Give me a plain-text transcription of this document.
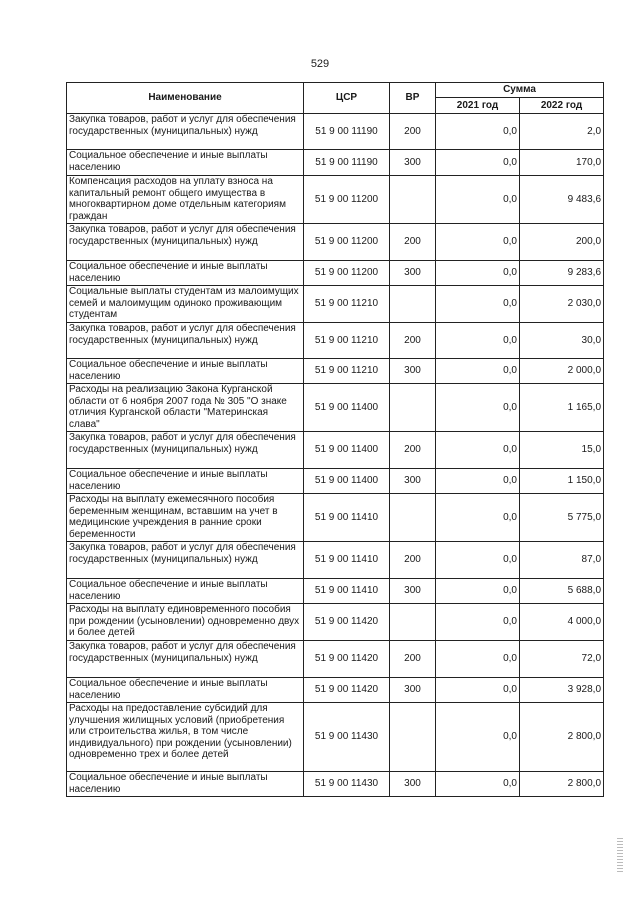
529
Наименование	ЦСР	ВР	Сумма	
			2021 год	2022 год
Закупка товаров, работ и услуг для обеспечения государственных (муниципальных) нужд	51 9 00 11190	200	0,0	2,0
Социальное обеспечение и иные выплаты населению	51 9 00 11190	300	0,0	170,0
Компенсация расходов на уплату взноса на капитальный ремонт общего имущества в многоквартирном доме отдельным категориям граждан	51 9 00 11200		0,0	9 483,6
Закупка товаров, работ и услуг для обеспечения государственных (муниципальных) нужд	51 9 00 11200	200	0,0	200,0
Социальное обеспечение и иные выплаты населению	51 9 00 11200	300	0,0	9 283,6
Социальные выплаты студентам из малоимущих семей и малоимущим одиноко проживающим студентам	51 9 00 11210		0,0	2 030,0
Закупка товаров, работ и услуг для обеспечения государственных (муниципальных) нужд	51 9 00 11210	200	0,0	30,0
Социальное обеспечение и иные выплаты населению	51 9 00 11210	300	0,0	2 000,0
Расходы на реализацию Закона Курганской области от 6 ноября 2007 года № 305 "О знаке отличия Курганской области "Материнская слава"	51 9 00 11400		0,0	1 165,0
Закупка товаров, работ и услуг для обеспечения государственных (муниципальных) нужд	51 9 00 11400	200	0,0	15,0
Социальное обеспечение и иные выплаты населению	51 9 00 11400	300	0,0	1 150,0
Расходы на выплату ежемесячного пособия беременным женщинам, вставшим на учет в медицинские учреждения в ранние сроки беременности	51 9 00 11410		0,0	5 775,0
Закупка товаров, работ и услуг для обеспечения государственных (муниципальных) нужд	51 9 00 11410	200	0,0	87,0
Социальное обеспечение и иные выплаты населению	51 9 00 11410	300	0,0	5 688,0
Расходы на выплату единовременного пособия при рождении (усыновлении) одновременно двух и более детей	51 9 00 11420		0,0	4 000,0
Закупка товаров, работ и услуг для обеспечения государственных (муниципальных) нужд	51 9 00 11420	200	0,0	72,0
Социальное обеспечение и иные выплаты населению	51 9 00 11420	300	0,0	3 928,0
Расходы на предоставление субсидий для улучшения жилищных условий (приобретения или строительства жилья, в том числе индивидуального) при рождении (усыновлении) одновременно трех и более детей	51 9 00 11430		0,0	2 800,0
Социальное обеспечение и иные выплаты населению	51 9 00 11430	300	0,0	2 800,0
